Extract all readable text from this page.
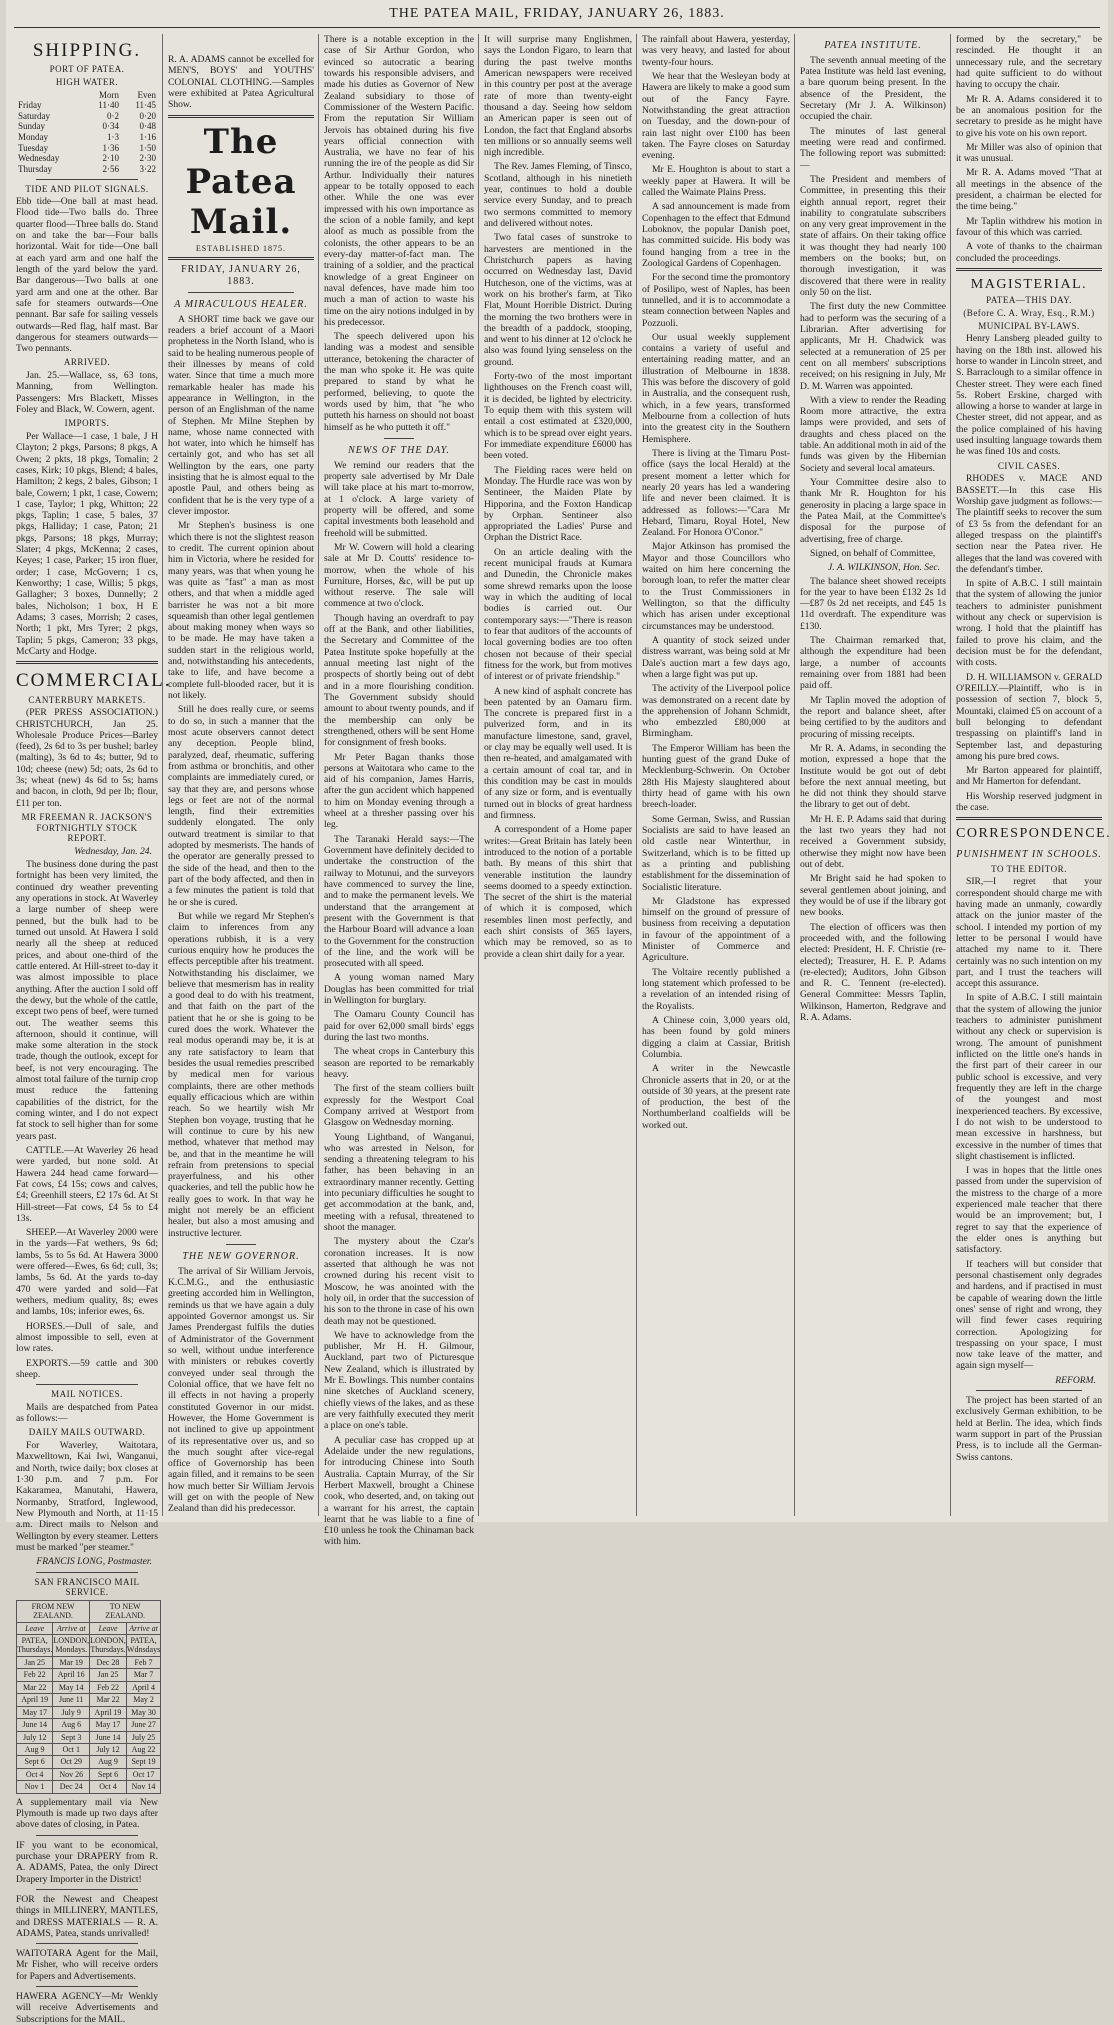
THE PATEA MAIL, FRIDAY, JANUARY 26, 1883.
SHIPPING.
PORT OF PATEA.
HIGH WATER.
	Morn	Even
Friday	11·40	11·45
Saturday	0·2	0·20
Sunday	0·34	0·48
Monday	1·3	1·16
Tuesday	1·36	1·50
Wednesday	2·10	2·30
Thursday	2·56	3·22
TIDE AND PILOT SIGNALS.

Ebb tide—One ball at mast head. Flood tide—Two balls do. Three quarter flood—Three balls do. Stand on and take the bar—Four balls horizontal. Wait for tide—One ball at each yard arm and one half the length of the yard below the yard. Bar dangerous—Two balls at one yard arm and one at the other. Bar safe for steamers outwards—One pennant. Bar safe for sailing vessels outwards—Red flag, half mast. Bar dangerous for steamers outwards—Two pennants.

ARRIVED.

Jan. 25.—Wallace, ss, 63 tons, Manning, from Wellington. Passengers: Mrs Blackett, Misses Foley and Black, W. Cowern, agent.

IMPORTS.

Per Wallace—1 case, 1 bale, J H Clayton; 2 pkgs, Parsons; 8 pkgs, A Owen; 2 pkts, 18 pkgs, Tomalin; 2 cases, Kirk; 10 pkgs, Blend; 4 bales, Hamilton; 2 kegs, 2 bales, Gibson; 1 bale, Cowern; 1 pkt, 1 case, Cowern; 1 case, Taylor; 1 pkg, Whitton; 22 pkgs, Taplin; 1 case, 5 bales, 37 pkgs, Halliday; 1 case, Paton; 21 pkgs, Parsons; 18 pkgs, Murray; Slater; 4 pkgs, McKenna; 2 cases, Keyes; 1 case, Parker; 15 iron fluer, order; 1 case, McGovern; 1 cs, Kenworthy; 1 case, Willis; 5 pkgs, Gallagher; 3 boxes, Dunnelly; 2 bales, Nicholson; 1 box, H E Adams; 3 cases, Morrish; 2 cases, North; 1 pkt, Mrs Tyrer; 2 pkgs, Taplin; 5 pkgs, Cameron; 33 pkgs, McCarty and Hodge.

COMMERCIAL.
CANTERBURY MARKETS.

(PER PRESS ASSOCIATION.) CHRISTCHURCH, Jan 25. Wholesale Produce Prices—Barley (feed), 2s 6d to 3s per bushel; barley (malting), 3s 6d to 4s; butter, 9d to 10d; cheese (new) 5d; oats, 2s 6d to 3s; wheat (new) 4s 6d to 5s; hams and bacon, in cloth, 9d per lb; flour, £11 per ton.

MR FREEMAN R. JACKSON'S FORTNIGHTLY STOCK REPORT.
Wednesday, Jan. 24.

The business done during the past fortnight has been very limited, the continued dry weather preventing any operations in stock. At Waverley a large number of sheep were penned, but the bulk had to be turned out unsold. At Hawera I sold nearly all the sheep at reduced prices, and about one-third of the cattle entered. At Hill-street to-day it was almost impossible to place anything. After the auction I sold off the dewy, but the whole of the cattle, except two pens of beef, were turned out. The weather seems this afternoon, should it continue, will make some alteration in the stock trade, though the outlook, except for beef, is not very encouraging. The almost total failure of the turnip crop must reduce the fattening capabilities of the district, for the coming winter, and I do not expect fat stock to sell higher than for some years past.

CATTLE.—At Waverley 26 head were yarded, but none sold. At Hawera 244 head came forward—Fat cows, £4 15s; cows and calves, £4; Greenhill steers, £2 17s 6d. At St Hill-street—Fat cows, £4 5s to £4 13s.

SHEEP.—At Waverley 2000 were in the yards—Fat wethers, 9s 6d; lambs, 5s to 5s 6d. At Hawera 3000 were offered—Ewes, 6s 6d; cull, 3s; lambs, 5s 6d. At the yards to-day 470 were yarded and sold—Fat wethers, medium quality, 8s; ewes and lambs, 10s; inferior ewes, 6s.

HORSES.—Dull of sale, and almost impossible to sell, even at low rates.

EXPORTS.—59 cattle and 300 sheep.

MAIL NOTICES.

Mails are despatched from Patea as follows:—

DAILY MAILS OUTWARD.

For Waverley, Waitotara, Maxwelltown, Kai Iwi, Wanganui, and North, twice daily; box closes at 1·30 p.m. and 7 p.m. For Kakaramea, Manutahi, Hawera, Normanby, Stratford, Inglewood, New Plymouth and North, at 11·15 a.m. Direct mails to Nelson and Wellington by every steamer. Letters must be marked "per steamer."

FRANCIS LONG, Postmaster.
SAN FRANCISCO MAIL SERVICE.
FROM NEW ZEALAND.		TO NEW ZEALAND.	
Leave	Arrive at	Leave	Arrive at
PATEA, Thursdays.	LONDON, Mondays.	LONDON, Thursdays.	PATEA, Wdnsdays
Jan 25	Mar 19	Dec 28	Feb 7
Feb 22	April 16	Jan 25	Mar 7
Mar 22	May 14	Feb 22	April 4
April 19	June 11	Mar 22	May 2
May 17	July 9	April 19	May 30
June 14	Aug 6	May 17	June 27
July 12	Sept 3	June 14	July 25
Aug 9	Oct 1	July 12	Aug 22
Sept 6	Oct 29	Aug 9	Sept 19
Oct 4	Nov 26	Sept 6	Oct 17
Nov 1	Dec 24	Oct 4	Nov 14

A supplementary mail via New Plymouth is made up two days after above dates of closing, in Patea.

IF you want to be economical, purchase your DRAPERY from R. A. ADAMS, Patea, the only Direct Drapery Importer in the District!

FOR the Newest and Cheapest things in MILLINERY, MANTLES, and DRESS MATERIALS — R. A. ADAMS, Patea, stands unrivalled!

WAITOTARA Agent for the Mail, Mr Fisher, who will receive orders for Papers and Advertisements.

HAWERA AGENCY—Mr Wenkly will receive Advertisements and Subscriptions for the MAIL.

R. A. ADAMS cannot be excelled for MEN'S, BOYS' and YOUTHS' COLONIAL CLOTHING.—Samples were exhibited at Patea Agricultural Show.

The Patea Mail.
ESTABLISHED 1875.
FRIDAY, JANUARY 26, 1883.
A MIRACULOUS HEALER.

A SHORT time back we gave our readers a brief account of a Maori prophetess in the North Island, who is said to be healing numerous people of their illnesses by means of cold water. Since that time a much more remarkable healer has made his appearance in Wellington, in the person of an Englishman of the name of Stephen. Mr Milne Stephen by name, whose name connected with hot water, into which he himself has certainly got, and who has set all Wellington by the ears, one party insisting that he is almost equal to the apostle Paul, and others being as confident that he is the very type of a clever impostor.

Mr Stephen's business is one which there is not the slightest reason to credit. The current opinion about him in Victoria, where he resided for many years, was that when young he was quite as "fast" a man as most others, and that when a middle aged barrister he was not a bit more squeamish than other legal gentlemen about making money when ways so to be made. He may have taken a sudden start in the religious world, and, notwithstanding his antecedents, take to life, and have become a complete full-blooded racer, but it is not likely.

Still he does really cure, or seems to do so, in such a manner that the most acute observers cannot detect any deception. People blind, paralyzed, deaf, rheumatic, suffering from asthma or bronchitis, and other complaints are immediately cured, or say that they are, and persons whose legs or feet are not of the normal length, find their extremities suddenly elongated. The only outward treatment is similar to that adopted by mesmerists. The hands of the operator are generally pressed to the side of the head, and then to the part of the body affected, and then in a few minutes the patient is told that he or she is cured.

But while we regard Mr Stephen's claim to inferences from any operations rubbish, it is a very curious enquiry how he produces the effects perceptible after his treatment. Notwithstanding his disclaimer, we believe that mesmerism has in reality a good deal to do with his treatment, and that faith on the part of the patient that he or she is going to be cured does the work. Whatever the real modus operandi may be, it is at any rate satisfactory to learn that besides the usual remedies prescribed by medical men for various complaints, there are other methods equally efficacious which are within reach. So we heartily wish Mr Stephen bon voyage, trusting that he will continue to cure by his new method, whatever that method may be, and that in the meantime he will refrain from pretensions to special prayerfulness, and his other quackeries, and tell the public how he really goes to work. In that way he might not merely be an efficient healer, but also a most amusing and instructive lecturer.

THE NEW GOVERNOR.

The arrival of Sir William Jervois, K.C.M.G., and the enthusiastic greeting accorded him in Wellington, reminds us that we have again a duly appointed Governor amongst us. Sir James Prendergast fulfils the duties of Administrator of the Government so well, without undue interference with ministers or rebukes covertly conveyed under seal through the Colonial office, that we have felt no ill effects in not having a properly constituted Governor in our midst. However, the Home Government is not inclined to give up appointment of its representative over us, and so the much sought after vice-regal office of Governorship has been again filled, and it remains to be seen how much better Sir William Jervois will get on with the people of New Zealand than did his predecessor.

There is a notable exception in the case of Sir Arthur Gordon, who evinced so autocratic a bearing towards his responsible advisers, and made his duties as Governor of New Zealand subsidiary to those of Commissioner of the Western Pacific. From the reputation Sir William Jervois has obtained during his five years official connection with Australia, we have no fear of his running the ire of the people as did Sir Arthur. Individually their natures appear to be totally opposed to each other. While the one was ever impressed with his own importance as the scion of a noble family, and kept aloof as much as possible from the colonists, the other appears to be an every-day matter-of-fact man. The training of a soldier, and the practical knowledge of a great Engineer on naval defences, have made him too much a man of action to waste his time on the airy notions indulged in by his predecessor.

The speech delivered upon his landing was a modest and sensible utterance, betokening the character of the man who spoke it. He was quite prepared to stand by what he performed, believing, to quote the words used by him, that "he who putteth his harness on should not boast himself as he who putteth it off."

NEWS OF THE DAY.

We remind our readers that the property sale advertised by Mr Dale will take place at his mart to-morrow, at 1 o'clock. A large variety of property will be offered, and some capital investments both leasehold and freehold will be submitted.

Mr W. Cowern will hold a clearing sale at Mr D. Coutts' residence to-morrow, when the whole of his Furniture, Horses, &c, will be put up without reserve. The sale will commence at two o'clock.

Though having an overdraft to pay off at the Bank, and other liabilities, the Secretary and Committee of the Patea Institute spoke hopefully at the annual meeting last night of the prospects of shortly being out of debt and in a more flourishing condition. The Government subsidy should amount to about twenty pounds, and if the membership can only be strengthened, others will be sent Home for consignment of fresh books.

Mr Peter Bagan thanks those persons at Waitotara who came to the aid of his companion, James Harris, after the gun accident which happened to him on Monday evening through a wheel at a thresher passing over his leg.

The Taranaki Herald says:—The Government have definitely decided to undertake the construction of the railway to Motunui, and the surveyors have commenced to survey the line, and to make the permanent levels. We understand that the arrangement at present with the Government is that the Harbour Board will advance a loan to the Government for the construction of the line, and the work will be prosecuted with all speed.

A young woman named Mary Douglas has been committed for trial in Wellington for burglary.

The Oamaru County Council has paid for over 62,000 small birds' eggs during the last two months.

The wheat crops in Canterbury this season are reported to be remarkably heavy.

The first of the steam colliers built expressly for the Westport Coal Company arrived at Westport from Glasgow on Wednesday morning.

Young Lightband, of Wanganui, who was arrested in Nelson, for sending a threatening telegram to his father, has been behaving in an extraordinary manner recently. Getting into pecuniary difficulties he sought to get accommodation at the bank, and, meeting with a refusal, threatened to shoot the manager.

The mystery about the Czar's coronation increases. It is now asserted that although he was not crowned during his recent visit to Moscow, he was anointed with the holy oil, in order that the succession of his son to the throne in case of his own death may not be questioned.

We have to acknowledge from the publisher, Mr H. H. Gilmour, Auckland, part two of Picturesque New Zealand, which is illustrated by Mr E. Bowlings. This number contains nine sketches of Auckland scenery, chiefly views of the lakes, and as these are very faithfully executed they merit a place on one's table.

A peculiar case has cropped up at Adelaide under the new regulations, for introducing Chinese into South Australia. Captain Murray, of the Sir Herbert Maxwell, brought a Chinese cook, who deserted, and, on taking out a warrant for his arrest, the captain learnt that he was liable to a fine of £10 unless he took the Chinaman back with him.

It will surprise many Englishmen, says the London Figaro, to learn that during the past twelve months American newspapers were received in this country per post at the average rate of more than twenty-eight thousand a day. Seeing how seldom an American paper is seen out of London, the fact that England absorbs ten millions or so annually seems well nigh incredible.

The Rev. James Fleming, of Tinsco, Scotland, although in his ninetieth year, continues to hold a double service every Sunday, and to preach two sermons committed to memory and delivered without notes.

Two fatal cases of sunstroke to harvesters are mentioned in the Christchurch papers as having occurred on Wednesday last, David Hutcheson, one of the victims, was at work on his brother's farm, at Tiko Flat, Mount Horrible District. During the morning the two brothers were in the breadth of a paddock, stooping, and went to his dinner at 12 o'clock he also was found lying senseless on the ground.

Forty-two of the most important lighthouses on the French coast will, it is decided, be lighted by electricity. To equip them with this system will entail a cost estimated at £320,000, which is to be spread over eight years. For immediate expenditure £6000 has been voted.

The Fielding races were held on Monday. The Hurdle race was won by Sentineer, the Maiden Plate by Hipporina, and the Foxton Handicap by Orphan. Sentineer also appropriated the Ladies' Purse and Orphan the District Race.

On an article dealing with the recent municipal frauds at Kumara and Dunedin, the Chronicle makes some shrewd remarks upon the loose way in which the auditing of local bodies is carried out. Our contemporary says:—"There is reason to fear that auditors of the accounts of local governing bodies are too often chosen not because of their special fitness for the work, but from motives of interest or of private friendship."

A new kind of asphalt concrete has been patented by an Oamaru firm. The concrete is prepared first in a pulverized form, and in its manufacture limestone, sand, gravel, or clay may be equally well used. It is then re-heated, and amalgamated with a certain amount of coal tar, and in this condition may be cast in moulds of any size or form, and is eventually turned out in blocks of great hardness and firmness.

A correspondent of a Home paper writes:—Great Britain has lately been introduced to the notion of a portable bath. By means of this shirt that venerable institution the laundry seems doomed to a speedy extinction. The secret of the shirt is the material of which it is composed, which resembles linen most perfectly, and each shirt consists of 365 layers, which may be removed, so as to provide a clean shirt daily for a year.

The rainfall about Hawera, yesterday, was very heavy, and lasted for about twenty-four hours.

We hear that the Wesleyan body at Hawera are likely to make a good sum out of the Fancy Fayre. Notwithstanding the great attraction on Tuesday, and the down-pour of rain last night over £100 has been taken. The Fayre closes on Saturday evening.

Mr E. Houghton is about to start a weekly paper at Hawera. It will be called the Waimate Plains Press.

A sad announcement is made from Copenhagen to the effect that Edmund Loboknov, the popular Danish poet, has committed suicide. His body was found hanging from a tree in the Zoological Gardens of Copenhagen.

For the second time the promontory of Posilipo, west of Naples, has been tunnelled, and it is to accommodate a steam connection between Naples and Pozzuoli.

Our usual weekly supplement contains a variety of useful and entertaining reading matter, and an illustration of Melbourne in 1838. This was before the discovery of gold in Australia, and the consequent rush, which, in a few years, transformed Melbourne from a collection of huts into the greatest city in the Southern Hemisphere.

There is living at the Timaru Post-office (says the local Herald) at the present moment a letter which for nearly 20 years has led a wandering life and never been claimed. It is addressed as follows:—"Cara Mr Hebard, Timaru, Royal Hotel, New Zealand. For Honora O'Conor."

Major Atkinson has promised the Mayor and those Councillors who waited on him here concerning the borough loan, to refer the matter clear to the Trust Commissioners in Wellington, so that the difficulty which has arisen under exceptional circumstances may be understood.

A quantity of stock seized under distress warrant, was being sold at Mr Dale's auction mart a few days ago, when a large fight was put up.

The activity of the Liverpool police was demonstrated on a recent date by the apprehension of Johann Schmidt, who embezzled £80,000 at Birmingham.

The Emperor William has been the hunting guest of the grand Duke of Mecklenburg-Schwerin. On October 28th His Majesty slaughtered about thirty head of game with his own breech-loader.

Some German, Swiss, and Russian Socialists are said to have leased an old castle near Winterthur, in Switzerland, which is to be fitted up as a printing and publishing establishment for the dissemination of Socialistic literature.

Mr Gladstone has expressed himself on the ground of pressure of business from receiving a deputation in favour of the appointment of a Minister of Commerce and Agriculture.

The Voltaire recently published a long statement which professed to be a revelation of an intended rising of the Royalists.

A Chinese coin, 3,000 years old, has been found by gold miners digging a claim at Cassiar, British Columbia.

A writer in the Newcastle Chronicle asserts that in 20, or at the outside of 30 years, at the present rate of production, the best of the Northumberland coalfields will be worked out.

PATEA INSTITUTE.

The seventh annual meeting of the Patea Institute was held last evening, a bare quorum being present. In the absence of the President, the Secretary (Mr J. A. Wilkinson) occupied the chair.

The minutes of last general meeting were read and confirmed. The following report was submitted:—

The President and members of Committee, in presenting this their eighth annual report, regret their inability to congratulate subscribers on any very great improvement in the state of affairs. On their taking office it was thought they had nearly 100 members on the books; but, on thorough investigation, it was discovered that there were in reality only 50 on the list.

The first duty the new Committee had to perform was the securing of a Librarian. After advertising for applicants, Mr H. Chadwick was selected at a remuneration of 25 per cent on all members' subscriptions received; on his resigning in July, Mr D. M. Warren was appointed.

With a view to render the Reading Room more attractive, the extra lamps were provided, and sets of draughts and chess placed on the table. An additional moth in aid of the funds was given by the Hibernian Society and several local amateurs.

Your Committee desire also to thank Mr R. Houghton for his generosity in placing a large space in the Patea Mail, at the Committee's disposal for the purpose of advertising, free of charge.

Signed, on behalf of Committee,

J. A. WILKINSON, Hon. Sec.

The balance sheet showed receipts for the year to have been £132 2s 1d—£87 0s 2d net receipts, and £45 1s 11d overdraft. The expenditure was £130.

The Chairman remarked that, although the expenditure had been large, a number of accounts remaining over from 1881 had been paid off.

Mr Taplin moved the adoption of the report and balance sheet, after being certified to by the auditors and procuring of missing receipts.

Mr R. A. Adams, in seconding the motion, expressed a hope that the Institute would be got out of debt before the next annual meeting, but he did not think they should starve the library to get out of debt.

Mr H. E. P. Adams said that during the last two years they had not received a Government subsidy, otherwise they might now have been out of debt.

Mr Bright said he had spoken to several gentlemen about joining, and they would be of use if the library got new books.

The election of officers was then proceeded with, and the following elected: President, H. F. Christie (re-elected); Treasurer, H. E. P. Adams (re-elected); Auditors, John Gibson and R. C. Tennent (re-elected). General Committee: Messrs Taplin, Wilkinson, Hamerton, Redgrave and R. A. Adams.

formed by the secretary," be rescinded. He thought it an unnecessary rule, and the secretary had quite sufficient to do without having to occupy the chair.

Mr R. A. Adams considered it to be an anomalous position for the secretary to preside as he might have to give his vote on his own report.

Mr Miller was also of opinion that it was unusual.

Mr R. A. Adams moved "That at all meetings in the absence of the president, a chairman be elected for the time being."

Mr Taplin withdrew his motion in favour of this which was carried.

A vote of thanks to the chairman concluded the proceedings.

MAGISTERIAL.
PATEA—THIS DAY.
(Before C. A. Wray, Esq., R.M.)
MUNICIPAL BY-LAWS.

Henry Lansberg pleaded guilty to having on the 18th inst. allowed his horse to wander in Lincoln street, and S. Barraclough to a similar offence in Chester street. They were each fined 5s. Robert Erskine, charged with allowing a horse to wander at large in Chester street, did not appear, and as the police complained of his having used insulting language towards them he was fined 10s and costs.

CIVIL CASES.

RHODES v. MACE AND BASSETT.—In this case His Worship gave judgment as follows:—The plaintiff seeks to recover the sum of £3 5s from the defendant for an alleged trespass on the plaintiff's section near the Patea river. He alleges that the land was covered with the defendant's timber.

In spite of A.B.C. I still maintain that the system of allowing the junior teachers to administer punishment without any check or supervision is wrong. I hold that the plaintiff has failed to prove his claim, and the decision must be for the defendant, with costs.

D. H. WILLIAMSON v. GERALD O'REILLY.—Plaintiff, who is in possession of section 7, block 5, Mountaki, claimed £5 on account of a bull belonging to defendant trespassing on plaintiff's land in September last, and depasturing among his pure bred cows.

Mr Barton appeared for plaintiff, and Mr Hamerton for defendant.

His Worship reserved judgment in the case.

CORRESPONDENCE.
PUNISHMENT IN SCHOOLS.
TO THE EDITOR.

SIR,—I regret that your correspondent should charge me with having made an unmanly, cowardly attack on the junior master of the school. I intended my portion of my letter to be personal I would have attached my name to it. There certainly was no such intention on my part, and I trust the teachers will accept this assurance.

In spite of A.B.C. I still maintain that the system of allowing the junior teachers to administer punishment without any check or supervision is wrong. The amount of punishment inflicted on the little one's hands in the first part of their career in our public school is excessive, and very frequently they are left in the charge of the youngest and most inexperienced teachers. By excessive, I do not wish to be understood to mean excessive in harshness, but excessive in the number of times that slight chastisement is inflicted.

I was in hopes that the little ones passed from under the supervision of the mistress to the charge of a more experienced male teacher that there would be an improvement; but, I regret to say that the experience of the elder ones is anything but satisfactory.

If teachers will but consider that personal chastisement only degrades and hardens, and if practised in must be capable of wearing down the little ones' sense of right and wrong, they will find fewer cases requiring correction. Apologizing for trespassing on your space, I must now take leave of the matter, and again sign myself—

REFORM.

The project has been started of an exclusively German exhibition, to be held at Berlin. The idea, which finds warm support in part of the Prussian Press, is to include all the German-Swiss cantons.
